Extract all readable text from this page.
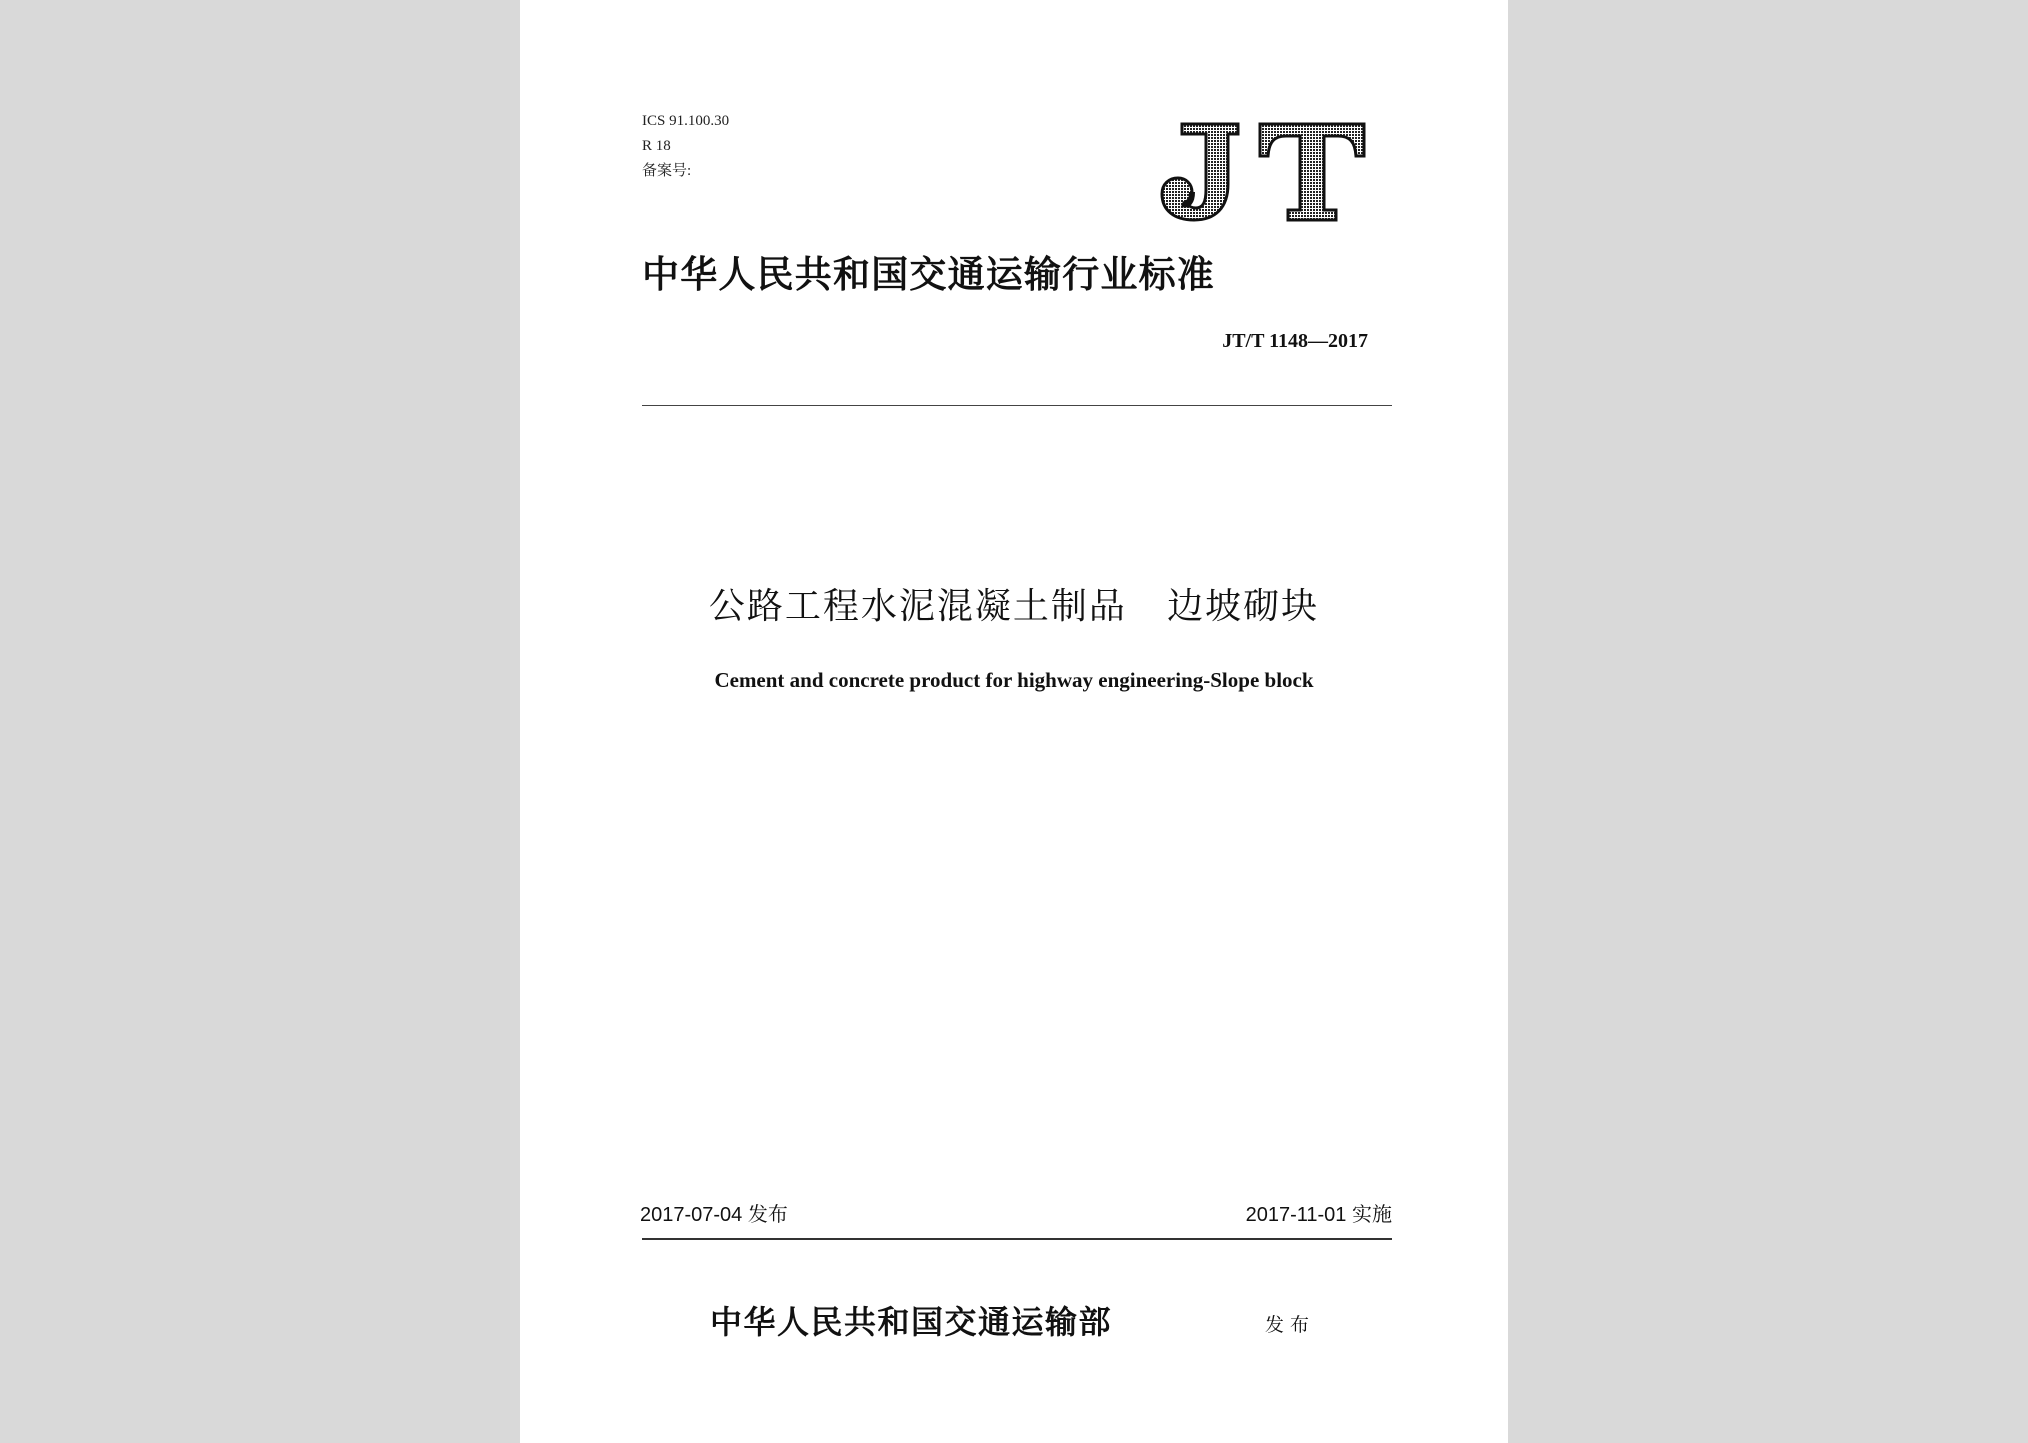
ICS 91.100.30
R 18
备案号:
JT
中华人民共和国交通运输行业标准
JT/T 1148—2017
公路工程水泥混凝土制品   边坡砌块
Cement and concrete product for highway engineering-Slope block
2017-07-04 发布	2017-11-01 实施
中华人民共和国交通运输部	发布
